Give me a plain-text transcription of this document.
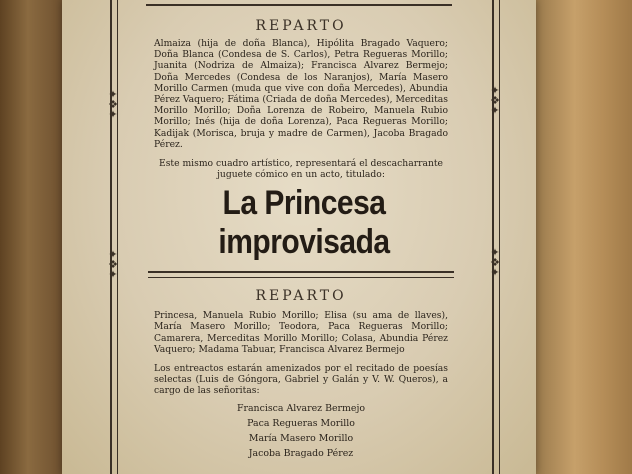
✦
❖
✦
✦
❖
✦
✦
❖
✦
✦
❖
✦
REPARTO

Almaiza (hija de doña Blanca), Hipólita Bragado Vaquero; Doña Blanca (Condesa de S. Carlos), Petra Regueras Morillo; Juanita (Nodriza de Almaiza); Francisca Alvarez Bermejo; Doña Mercedes (Condesa de los Naranjos), María Masero Morillo Carmen (muda que vive con doña Mercedes), Abundia Pérez Vaquero; Fátima (Criada de doña Mercedes), Merceditas Morillo Morillo; Doña Lorenza de Robeiro, Manuela Rubio Morillo; Inés (hija de doña Lorenza), Paca Regueras Morillo; Kadijak (Morisca, bruja y madre de Carmen), Jacoba Bragado Pérez.

Este mismo cuadro artístico, representará el descacharrante juguete cómico en un acto, titulado:

La Princesa improvisada
REPARTO

Princesa, Manuela Rubio Morillo; Elisa (su ama de llaves), María Masero Morillo; Teodora, Paca Regueras Morillo; Camarera, Merceditas Morillo Morillo; Colasa, Abundia Pérez Vaquero; Madama Tabuar, Francisca Alvarez Bermejo

Los entreactos estarán amenizados por el recitado de poesías selectas (Luis de Góngora, Gabriel y Galán y V. W. Queros), a cargo de las señoritas:

Francisca Alvarez Bermejo
Paca Regueras Morillo
María Masero Morillo
Jacoba Bragado Pérez
